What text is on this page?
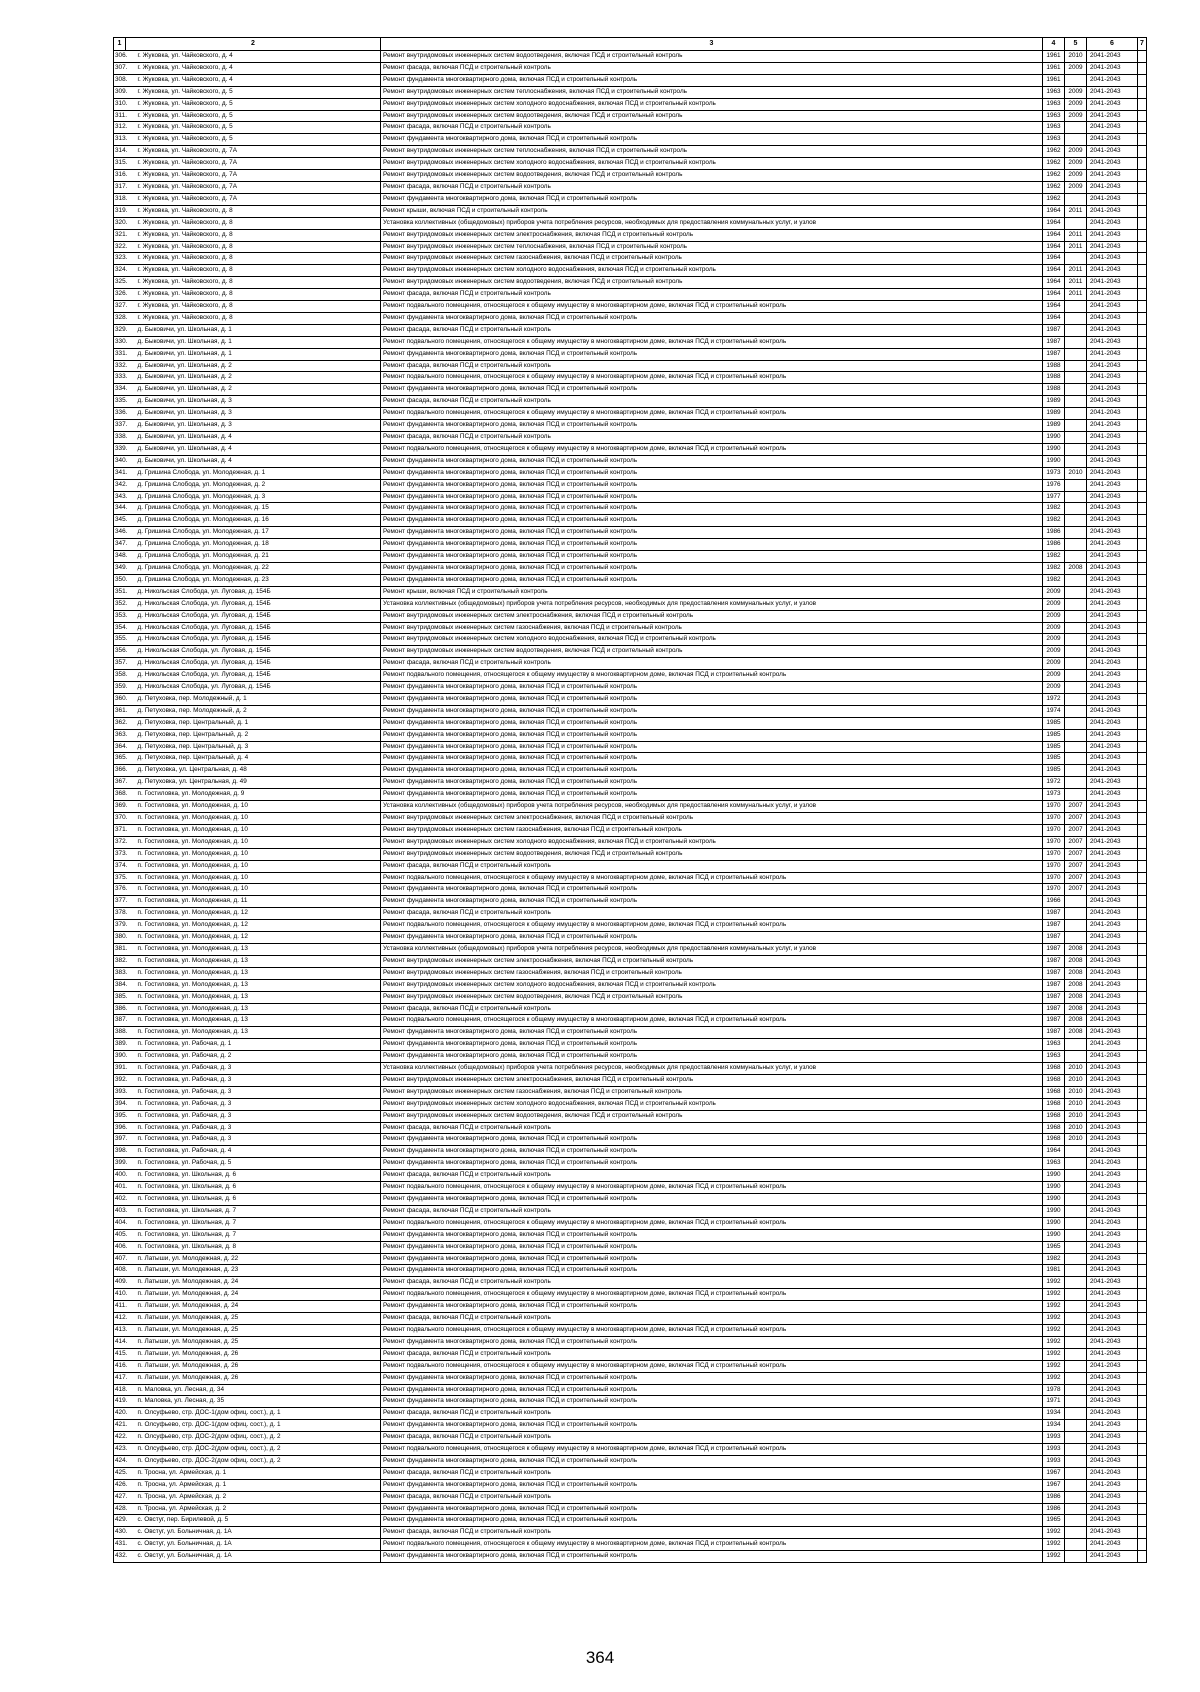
1	2	3	4	5	6	7
306.	г. Жуковка, ул. Чайковского, д. 4	Ремонт внутридомовых инженерных систем водоотведения, включая ПСД и строительный контроль	1961	2010	2041-2043	
307.	г. Жуковка, ул. Чайковского, д. 4	Ремонт фасада, включая ПСД и строительный контроль	1961	2009	2041-2043	
308.	г. Жуковка, ул. Чайковского, д. 4	Ремонт фундамента многоквартирного дома, включая ПСД и строительный контроль	1961		2041-2043	
309.	г. Жуковка, ул. Чайковского, д. 5	Ремонт внутридомовых инженерных систем теплоснабжения, включая ПСД и строительный контроль	1963	2009	2041-2043	
310.	г. Жуковка, ул. Чайковского, д. 5	Ремонт внутридомовых инженерных систем холодного водоснабжения, включая ПСД и строительный контроль	1963	2009	2041-2043	
311.	г. Жуковка, ул. Чайковского, д. 5	Ремонт внутридомовых инженерных систем водоотведения, включая ПСД и строительный контроль	1963	2009	2041-2043	
312.	г. Жуковка, ул. Чайковского, д. 5	Ремонт фасада, включая ПСД и строительный контроль	1963		2041-2043	
313.	г. Жуковка, ул. Чайковского, д. 5	Ремонт фундамента многоквартирного дома, включая ПСД и строительный контроль	1963		2041-2043	
314.	г. Жуковка, ул. Чайковского, д. 7А	Ремонт внутридомовых инженерных систем теплоснабжения, включая ПСД и строительный контроль	1962	2009	2041-2043	
315.	г. Жуковка, ул. Чайковского, д. 7А	Ремонт внутридомовых инженерных систем холодного водоснабжения, включая ПСД и строительный контроль	1962	2009	2041-2043	
316.	г. Жуковка, ул. Чайковского, д. 7А	Ремонт внутридомовых инженерных систем водоотведения, включая ПСД и строительный контроль	1962	2009	2041-2043	
317.	г. Жуковка, ул. Чайковского, д. 7А	Ремонт фасада, включая ПСД и строительный контроль	1962	2009	2041-2043	
318.	г. Жуковка, ул. Чайковского, д. 7А	Ремонт фундамента многоквартирного дома, включая ПСД и строительный контроль	1962		2041-2043	
319.	г. Жуковка, ул. Чайковского, д. 8	Ремонт крыши, включая ПСД и строительный контроль	1964	2011	2041-2043	
320.	г. Жуковка, ул. Чайковского, д. 8	Установка коллективных (общедомовых) приборов учета потребления ресурсов, необходимых для предоставления коммунальных услуг, и узлов	1964		2041-2043	
321.	г. Жуковка, ул. Чайковского, д. 8	Ремонт внутридомовых инженерных систем электроснабжения, включая ПСД и строительный контроль	1964	2011	2041-2043	
322.	г. Жуковка, ул. Чайковского, д. 8	Ремонт внутридомовых инженерных систем теплоснабжения, включая ПСД и строительный контроль	1964	2011	2041-2043	
323.	г. Жуковка, ул. Чайковского, д. 8	Ремонт внутридомовых инженерных систем газоснабжения, включая ПСД и строительный контроль	1964		2041-2043	
324.	г. Жуковка, ул. Чайковского, д. 8	Ремонт внутридомовых инженерных систем холодного водоснабжения, включая ПСД и строительный контроль	1964	2011	2041-2043	
325.	г. Жуковка, ул. Чайковского, д. 8	Ремонт внутридомовых инженерных систем водоотведения, включая ПСД и строительный контроль	1964	2011	2041-2043	
326.	г. Жуковка, ул. Чайковского, д. 8	Ремонт фасада, включая ПСД и строительный контроль	1964	2011	2041-2043	
327.	г. Жуковка, ул. Чайковского, д. 8	Ремонт подвального помещения, относящегося к общему имуществу в многоквартирном доме, включая ПСД и строительный контроль	1964		2041-2043	
328.	г. Жуковка, ул. Чайковского, д. 8	Ремонт фундамента многоквартирного дома, включая ПСД и строительный контроль	1964		2041-2043	
329.	д. Быковичи, ул. Школьная, д. 1	Ремонт фасада, включая ПСД и строительный контроль	1987		2041-2043	
330.	д. Быковичи, ул. Школьная, д. 1	Ремонт подвального помещения, относящегося к общему имуществу в многоквартирном доме, включая ПСД и строительный контроль	1987		2041-2043	
331.	д. Быковичи, ул. Школьная, д. 1	Ремонт фундамента многоквартирного дома, включая ПСД и строительный контроль	1987		2041-2043	
332.	д. Быковичи, ул. Школьная, д. 2	Ремонт фасада, включая ПСД и строительный контроль	1988		2041-2043	
333.	д. Быковичи, ул. Школьная, д. 2	Ремонт подвального помещения, относящегося к общему имуществу в многоквартирном доме, включая ПСД и строительный контроль	1988		2041-2043	
334.	д. Быковичи, ул. Школьная, д. 2	Ремонт фундамента многоквартирного дома, включая ПСД и строительный контроль	1988		2041-2043	
335.	д. Быковичи, ул. Школьная, д. 3	Ремонт фасада, включая ПСД и строительный контроль	1989		2041-2043	
336.	д. Быковичи, ул. Школьная, д. 3	Ремонт подвального помещения, относящегося к общему имуществу в многоквартирном доме, включая ПСД и строительный контроль	1989		2041-2043	
337.	д. Быковичи, ул. Школьная, д. 3	Ремонт фундамента многоквартирного дома, включая ПСД и строительный контроль	1989		2041-2043	
338.	д. Быковичи, ул. Школьная, д. 4	Ремонт фасада, включая ПСД и строительный контроль	1990		2041-2043	
339.	д. Быковичи, ул. Школьная, д. 4	Ремонт подвального помещения, относящегося к общему имуществу в многоквартирном доме, включая ПСД и строительный контроль	1990		2041-2043	
340.	д. Быковичи, ул. Школьная, д. 4	Ремонт фундамента многоквартирного дома, включая ПСД и строительный контроль	1990		2041-2043	
341.	д. Гришина Слобода, ул. Молодежная, д. 1	Ремонт фундамента многоквартирного дома, включая ПСД и строительный контроль	1973	2010	2041-2043	
342.	д. Гришина Слобода, ул. Молодежная, д. 2	Ремонт фундамента многоквартирного дома, включая ПСД и строительный контроль	1976		2041-2043	
343.	д. Гришина Слобода, ул. Молодежная, д. 3	Ремонт фундамента многоквартирного дома, включая ПСД и строительный контроль	1977		2041-2043	
344.	д. Гришина Слобода, ул. Молодежная, д. 15	Ремонт фундамента многоквартирного дома, включая ПСД и строительный контроль	1982		2041-2043	
345.	д. Гришина Слобода, ул. Молодежная, д. 16	Ремонт фундамента многоквартирного дома, включая ПСД и строительный контроль	1982		2041-2043	
346.	д. Гришина Слобода, ул. Молодежная, д. 17	Ремонт фундамента многоквартирного дома, включая ПСД и строительный контроль	1986		2041-2043	
347.	д. Гришина Слобода, ул. Молодежная, д. 18	Ремонт фундамента многоквартирного дома, включая ПСД и строительный контроль	1986		2041-2043	
348.	д. Гришина Слобода, ул. Молодежная, д. 21	Ремонт фундамента многоквартирного дома, включая ПСД и строительный контроль	1982		2041-2043	
349.	д. Гришина Слобода, ул. Молодежная, д. 22	Ремонт фундамента многоквартирного дома, включая ПСД и строительный контроль	1982	2008	2041-2043	
350.	д. Гришина Слобода, ул. Молодежная, д. 23	Ремонт фундамента многоквартирного дома, включая ПСД и строительный контроль	1982		2041-2043	
351.	д. Никольская Слобода, ул. Луговая, д. 154Б	Ремонт крыши, включая ПСД и строительный контроль	2009		2041-2043	
352.	д. Никольская Слобода, ул. Луговая, д. 154Б	Установка коллективных (общедомовых) приборов учета потребления ресурсов, необходимых для предоставления коммунальных услуг, и узлов	2009		2041-2043	
353.	д. Никольская Слобода, ул. Луговая, д. 154Б	Ремонт внутридомовых инженерных систем электроснабжения, включая ПСД и строительный контроль	2009		2041-2043	
354.	д. Никольская Слобода, ул. Луговая, д. 154Б	Ремонт внутридомовых инженерных систем газоснабжения, включая ПСД и строительный контроль	2009		2041-2043	
355.	д. Никольская Слобода, ул. Луговая, д. 154Б	Ремонт внутридомовых инженерных систем холодного водоснабжения, включая ПСД и строительный контроль	2009		2041-2043	
356.	д. Никольская Слобода, ул. Луговая, д. 154Б	Ремонт внутридомовых инженерных систем водоотведения, включая ПСД и строительный контроль	2009		2041-2043	
357.	д. Никольская Слобода, ул. Луговая, д. 154Б	Ремонт фасада, включая ПСД и строительный контроль	2009		2041-2043	
358.	д. Никольская Слобода, ул. Луговая, д. 154Б	Ремонт подвального помещения, относящегося к общему имуществу в многоквартирном доме, включая ПСД и строительный контроль	2009		2041-2043	
359.	д. Никольская Слобода, ул. Луговая, д. 154Б	Ремонт фундамента многоквартирного дома, включая ПСД и строительный контроль	2009		2041-2043	
360.	д. Петуховка, пер. Молодежный, д. 1	Ремонт фундамента многоквартирного дома, включая ПСД и строительный контроль	1972		2041-2043	
361.	д. Петуховка, пер. Молодежный, д. 2	Ремонт фундамента многоквартирного дома, включая ПСД и строительный контроль	1974		2041-2043	
362.	д. Петуховка, пер. Центральный, д. 1	Ремонт фундамента многоквартирного дома, включая ПСД и строительный контроль	1985		2041-2043	
363.	д. Петуховка, пер. Центральный, д. 2	Ремонт фундамента многоквартирного дома, включая ПСД и строительный контроль	1985		2041-2043	
364.	д. Петуховка, пер. Центральный, д. 3	Ремонт фундамента многоквартирного дома, включая ПСД и строительный контроль	1985		2041-2043	
365.	д. Петуховка, пер. Центральный, д. 4	Ремонт фундамента многоквартирного дома, включая ПСД и строительный контроль	1985		2041-2043	
366.	д. Петуховка, ул. Центральная, д. 48	Ремонт фундамента многоквартирного дома, включая ПСД и строительный контроль	1985		2041-2043	
367.	д. Петуховка, ул. Центральная, д. 49	Ремонт фундамента многоквартирного дома, включая ПСД и строительный контроль	1972		2041-2043	
368.	п. Гостиловка, ул. Молодежная, д. 9	Ремонт фундамента многоквартирного дома, включая ПСД и строительный контроль	1973		2041-2043	
369.	п. Гостиловка, ул. Молодежная, д. 10	Установка коллективных (общедомовых) приборов учета потребления ресурсов, необходимых для предоставления коммунальных услуг, и узлов	1970	2007	2041-2043	
370.	п. Гостиловка, ул. Молодежная, д. 10	Ремонт внутридомовых инженерных систем электроснабжения, включая ПСД и строительный контроль	1970	2007	2041-2043	
371.	п. Гостиловка, ул. Молодежная, д. 10	Ремонт внутридомовых инженерных систем газоснабжения, включая ПСД и строительный контроль	1970	2007	2041-2043	
372.	п. Гостиловка, ул. Молодежная, д. 10	Ремонт внутридомовых инженерных систем холодного водоснабжения, включая ПСД и строительный контроль	1970	2007	2041-2043	
373.	п. Гостиловка, ул. Молодежная, д. 10	Ремонт внутридомовых инженерных систем водоотведения, включая ПСД и строительный контроль	1970	2007	2041-2043	
374.	п. Гостиловка, ул. Молодежная, д. 10	Ремонт фасада, включая ПСД и строительный контроль	1970	2007	2041-2043	
375.	п. Гостиловка, ул. Молодежная, д. 10	Ремонт подвального помещения, относящегося к общему имуществу в многоквартирном доме, включая ПСД и строительный контроль	1970	2007	2041-2043	
376.	п. Гостиловка, ул. Молодежная, д. 10	Ремонт фундамента многоквартирного дома, включая ПСД и строительный контроль	1970	2007	2041-2043	
377.	п. Гостиловка, ул. Молодежная, д. 11	Ремонт фундамента многоквартирного дома, включая ПСД и строительный контроль	1966		2041-2043	
378.	п. Гостиловка, ул. Молодежная, д. 12	Ремонт фасада, включая ПСД и строительный контроль	1987		2041-2043	
379.	п. Гостиловка, ул. Молодежная, д. 12	Ремонт подвального помещения, относящегося к общему имуществу в многоквартирном доме, включая ПСД и строительный контроль	1987		2041-2043	
380.	п. Гостиловка, ул. Молодежная, д. 12	Ремонт фундамента многоквартирного дома, включая ПСД и строительный контроль	1987		2041-2043	
381.	п. Гостиловка, ул. Молодежная, д. 13	Установка коллективных (общедомовых) приборов учета потребления ресурсов, необходимых для предоставления коммунальных услуг, и узлов	1987	2008	2041-2043	
382.	п. Гостиловка, ул. Молодежная, д. 13	Ремонт внутридомовых инженерных систем электроснабжения, включая ПСД и строительный контроль	1987	2008	2041-2043	
383.	п. Гостиловка, ул. Молодежная, д. 13	Ремонт внутридомовых инженерных систем газоснабжения, включая ПСД и строительный контроль	1987	2008	2041-2043	
384.	п. Гостиловка, ул. Молодежная, д. 13	Ремонт внутридомовых инженерных систем холодного водоснабжения, включая ПСД и строительный контроль	1987	2008	2041-2043	
385.	п. Гостиловка, ул. Молодежная, д. 13	Ремонт внутридомовых инженерных систем водоотведения, включая ПСД и строительный контроль	1987	2008	2041-2043	
386.	п. Гостиловка, ул. Молодежная, д. 13	Ремонт фасада, включая ПСД и строительный контроль	1987	2008	2041-2043	
387.	п. Гостиловка, ул. Молодежная, д. 13	Ремонт подвального помещения, относящегося к общему имуществу в многоквартирном доме, включая ПСД и строительный контроль	1987	2008	2041-2043	
388.	п. Гостиловка, ул. Молодежная, д. 13	Ремонт фундамента многоквартирного дома, включая ПСД и строительный контроль	1987	2008	2041-2043	
389.	п. Гостиловка, ул. Рабочая, д. 1	Ремонт фундамента многоквартирного дома, включая ПСД и строительный контроль	1963		2041-2043	
390.	п. Гостиловка, ул. Рабочая, д. 2	Ремонт фундамента многоквартирного дома, включая ПСД и строительный контроль	1963		2041-2043	
391.	п. Гостиловка, ул. Рабочая, д. 3	Установка коллективных (общедомовых) приборов учета потребления ресурсов, необходимых для предоставления коммунальных услуг, и узлов	1968	2010	2041-2043	
392.	п. Гостиловка, ул. Рабочая, д. 3	Ремонт внутридомовых инженерных систем электроснабжения, включая ПСД и строительный контроль	1968	2010	2041-2043	
393.	п. Гостиловка, ул. Рабочая, д. 3	Ремонт внутридомовых инженерных систем газоснабжения, включая ПСД и строительный контроль	1968	2010	2041-2043	
394.	п. Гостиловка, ул. Рабочая, д. 3	Ремонт внутридомовых инженерных систем холодного водоснабжения, включая ПСД и строительный контроль	1968	2010	2041-2043	
395.	п. Гостиловка, ул. Рабочая, д. 3	Ремонт внутридомовых инженерных систем водоотведения, включая ПСД и строительный контроль	1968	2010	2041-2043	
396.	п. Гостиловка, ул. Рабочая, д. 3	Ремонт фасада, включая ПСД и строительный контроль	1968	2010	2041-2043	
397.	п. Гостиловка, ул. Рабочая, д. 3	Ремонт фундамента многоквартирного дома, включая ПСД и строительный контроль	1968	2010	2041-2043	
398.	п. Гостиловка, ул. Рабочая, д. 4	Ремонт фундамента многоквартирного дома, включая ПСД и строительный контроль	1964		2041-2043	
399.	п. Гостиловка, ул. Рабочая, д. 5	Ремонт фундамента многоквартирного дома, включая ПСД и строительный контроль	1963		2041-2043	
400.	п. Гостиловка, ул. Школьная, д. 6	Ремонт фасада, включая ПСД и строительный контроль	1990		2041-2043	
401.	п. Гостиловка, ул. Школьная, д. 6	Ремонт подвального помещения, относящегося к общему имуществу в многоквартирном доме, включая ПСД и строительный контроль	1990		2041-2043	
402.	п. Гостиловка, ул. Школьная, д. 6	Ремонт фундамента многоквартирного дома, включая ПСД и строительный контроль	1990		2041-2043	
403.	п. Гостиловка, ул. Школьная, д. 7	Ремонт фасада, включая ПСД и строительный контроль	1990		2041-2043	
404.	п. Гостиловка, ул. Школьная, д. 7	Ремонт подвального помещения, относящегося к общему имуществу в многоквартирном доме, включая ПСД и строительный контроль	1990		2041-2043	
405.	п. Гостиловка, ул. Школьная, д. 7	Ремонт фундамента многоквартирного дома, включая ПСД и строительный контроль	1990		2041-2043	
406.	п. Гостиловка, ул. Школьная, д. 8	Ремонт фундамента многоквартирного дома, включая ПСД и строительный контроль	1965		2041-2043	
407.	п. Латыши, ул. Молодежная, д. 22	Ремонт фундамента многоквартирного дома, включая ПСД и строительный контроль	1982		2041-2043	
408.	п. Латыши, ул. Молодежная, д. 23	Ремонт фундамента многоквартирного дома, включая ПСД и строительный контроль	1981		2041-2043	
409.	п. Латыши, ул. Молодежная, д. 24	Ремонт фасада, включая ПСД и строительный контроль	1992		2041-2043	
410.	п. Латыши, ул. Молодежная, д. 24	Ремонт подвального помещения, относящегося к общему имуществу в многоквартирном доме, включая ПСД и строительный контроль	1992		2041-2043	
411.	п. Латыши, ул. Молодежная, д. 24	Ремонт фундамента многоквартирного дома, включая ПСД и строительный контроль	1992		2041-2043	
412.	п. Латыши, ул. Молодежная, д. 25	Ремонт фасада, включая ПСД и строительный контроль	1992		2041-2043	
413.	п. Латыши, ул. Молодежная, д. 25	Ремонт подвального помещения, относящегося к общему имуществу в многоквартирном доме, включая ПСД и строительный контроль	1992		2041-2043	
414.	п. Латыши, ул. Молодежная, д. 25	Ремонт фундамента многоквартирного дома, включая ПСД и строительный контроль	1992		2041-2043	
415.	п. Латыши, ул. Молодежная, д. 26	Ремонт фасада, включая ПСД и строительный контроль	1992		2041-2043	
416.	п. Латыши, ул. Молодежная, д. 26	Ремонт подвального помещения, относящегося к общему имуществу в многоквартирном доме, включая ПСД и строительный контроль	1992		2041-2043	
417.	п. Латыши, ул. Молодежная, д. 26	Ремонт фундамента многоквартирного дома, включая ПСД и строительный контроль	1992		2041-2043	
418.	п. Маловка, ул. Лесная, д. 34	Ремонт фундамента многоквартирного дома, включая ПСД и строительный контроль	1978		2041-2043	
419.	п. Маловка, ул. Лесная, д. 35	Ремонт фундамента многоквартирного дома, включая ПСД и строительный контроль	1971		2041-2043	
420.	п. Олсуфьево, стр. ДОС-1(дом офиц. сост.), д. 1	Ремонт фасада, включая ПСД и строительный контроль	1934		2041-2043	
421.	п. Олсуфьево, стр. ДОС-1(дом офиц. сост.), д. 1	Ремонт фундамента многоквартирного дома, включая ПСД и строительный контроль	1934		2041-2043	
422.	п. Олсуфьево, стр. ДОС-2(дом офиц. сост.), д. 2	Ремонт фасада, включая ПСД и строительный контроль	1993		2041-2043	
423.	п. Олсуфьево, стр. ДОС-2(дом офиц. сост.), д. 2	Ремонт подвального помещения, относящегося к общему имуществу в многоквартирном доме, включая ПСД и строительный контроль	1993		2041-2043	
424.	п. Олсуфьево, стр. ДОС-2(дом офиц. сост.), д. 2	Ремонт фундамента многоквартирного дома, включая ПСД и строительный контроль	1993		2041-2043	
425.	п. Тросна, ул. Армейская, д. 1	Ремонт фасада, включая ПСД и строительный контроль	1967		2041-2043	
426.	п. Тросна, ул. Армейская, д. 1	Ремонт фундамента многоквартирного дома, включая ПСД и строительный контроль	1967		2041-2043	
427.	п. Тросна, ул. Армейская, д. 2	Ремонт фасада, включая ПСД и строительный контроль	1986		2041-2043	
428.	п. Тросна, ул. Армейская, д. 2	Ремонт фундамента многоквартирного дома, включая ПСД и строительный контроль	1986		2041-2043	
429.	с. Овстуг, пер. Бирилевой, д. 5	Ремонт фундамента многоквартирного дома, включая ПСД и строительный контроль	1965		2041-2043	
430.	с. Овстуг, ул. Больничная, д. 1А	Ремонт фасада, включая ПСД и строительный контроль	1992		2041-2043	
431.	с. Овстуг, ул. Больничная, д. 1А	Ремонт подвального помещения, относящегося к общему имуществу в многоквартирном доме, включая ПСД и строительный контроль	1992		2041-2043	
432.	с. Овстуг, ул. Больничная, д. 1А	Ремонт фундамента многоквартирного дома, включая ПСД и строительный контроль	1992		2041-2043	
364
